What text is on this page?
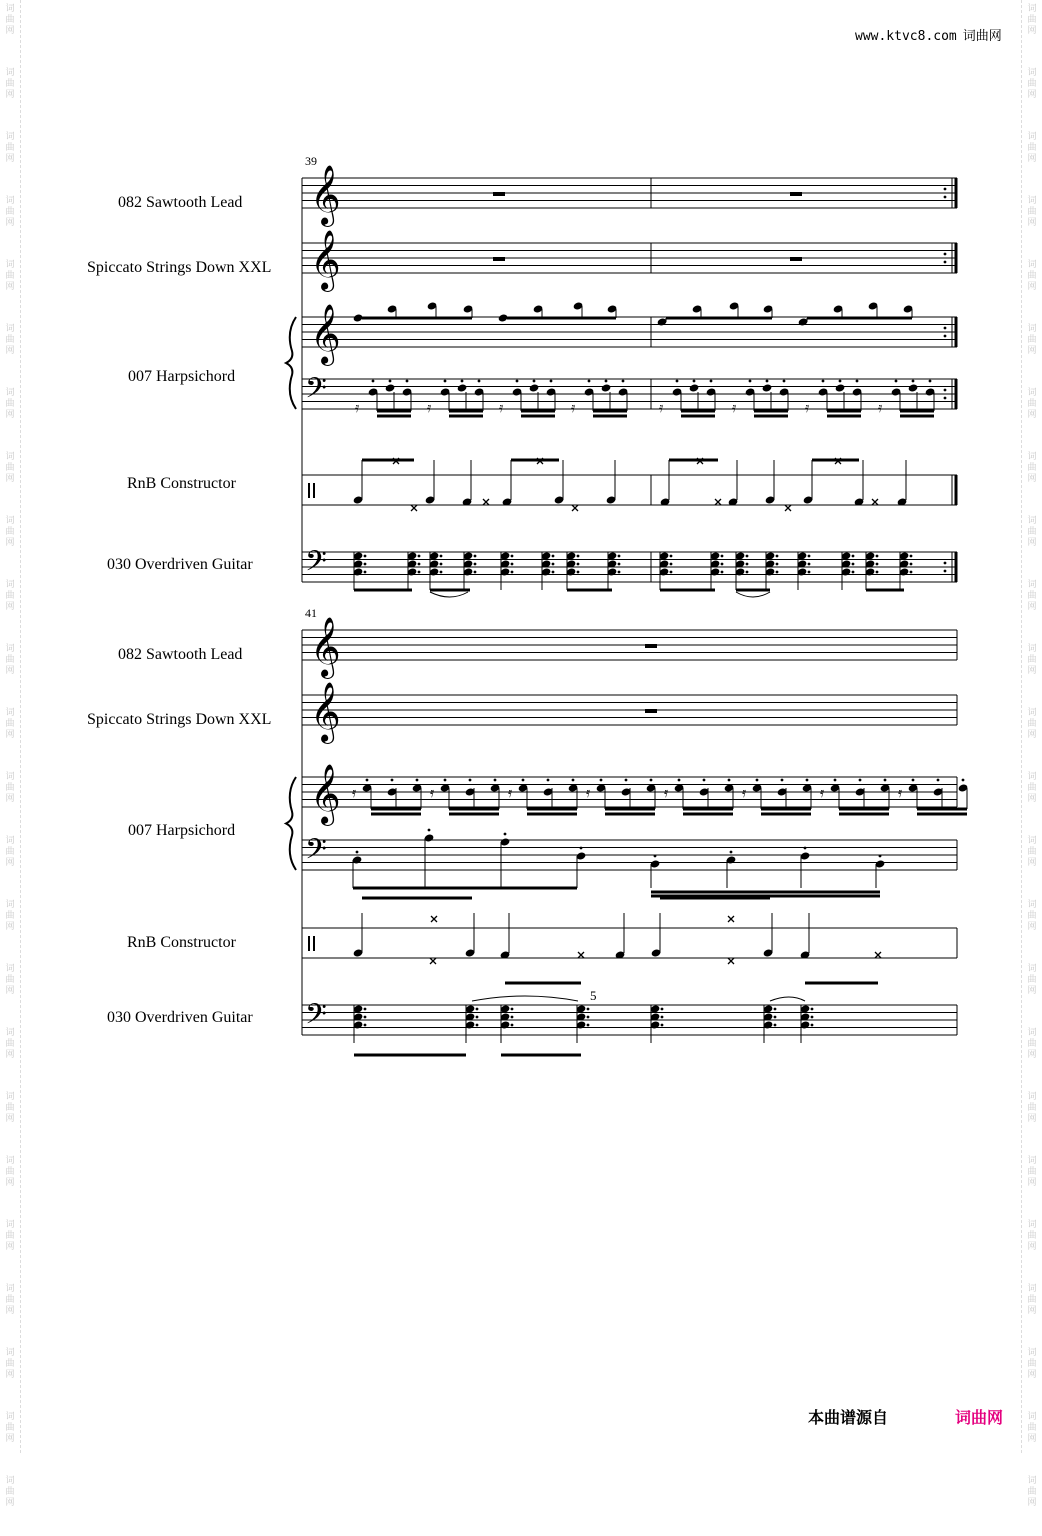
词
曲
网
词
曲
网
词
曲
网
词
曲
网
词
曲
网
词
曲
网
词
曲
网
词
曲
网
词
曲
网
词
曲
网
词
曲
网
词
曲
网
词
曲
网
词
曲
网
词
曲
网
词
曲
网
词
曲
网
词
曲
网
词
曲
网
词
曲
网
词
曲
网
词
曲
网
词
曲
网
词
曲
网
词
曲
网
词
曲
网
词
曲
网
词
曲
网
词
曲
网
词
曲
网
词
曲
网
词
曲
网
词
曲
网
词
曲
网
词
曲
网
词
曲
网
词
曲
网
词
曲
网
词
曲
网
词
曲
网
词
曲
网
词
曲
网
词
曲
网
词
曲
网
词
曲
网
词
曲
网
词
曲
网
词
曲
网
www.ktvc8.com 词曲网
39
082 Sawtooth Lead
Spiccato Strings Down XXL
007 Harpsichord
RnB Constructor
030 Overdriven Guitar
41
082 Sawtooth Lead
Spiccato Strings Down XXL
007 Harpsichord
RnB Constructor
030 Overdriven Guitar
𝄞
𝄞
𝄞
𝄢
𝄢
𝄿	𝄿	𝄿	𝄿	𝄿	𝄿	𝄿	𝄿
𝄞
𝄞
𝄞
𝄢
𝄢
𝄿	𝄿	𝄿	𝄿	𝄿	𝄿	𝄿	𝄿
5
本曲谱源自	词曲网
